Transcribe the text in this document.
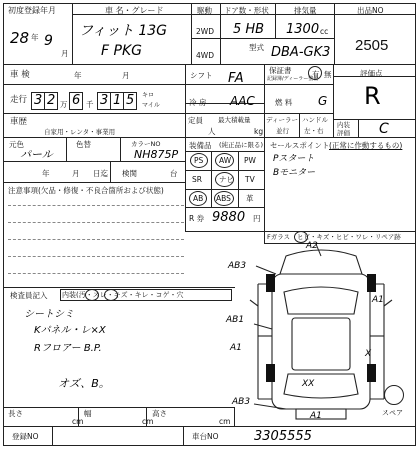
初度登録年月
28 年 9
月
車 名・グレード
フィット 13G
F PKG
駆動
2WD
4WD
ドア数・形状
5 HB
排気量
1300 cc
型式 DBA-GK3
出品NO
2505
車 検	年	月	シフト FA
保証書
記録簿/ディーラー整備
有 無	評価点
R
走行 3 2 万 6 千 3 1 5 キロ
マイル	冷 房 AAC	燃 料 G
車歴
自家用・レンタ・事業用
定員
人
最大積載量
kg
ディーラー
並行
ハンドル
左・右
内装
評価 C
元色
パール
色替	カラーNO
NH875P
装備品 (純正品に限る)
AW
PS	PW
TV
SR ナビ
AB ABS 革
R 券 9880 円
セールスポイント (正常に作動するもの)
Pスタート
Bモニター
年	月 日迄 検関	台
注意事項(欠品・修復・不良合箇所および状態)
Fガラス ヒビ・キズ・ヒビ・ワレ・リペア跡
検査員記入 内装(汚・スレ・キズ・キレ・コゲ・穴
シートシミ
Kパネル・レ×X
Rフロアー B.P.
オズ、B。
A2
AB3
AB1
A1
A1
AB3
XX
A1
X
スペア
長さ
cm
幅
cm
高さ
cm
登録NO	車台NO	3305555
